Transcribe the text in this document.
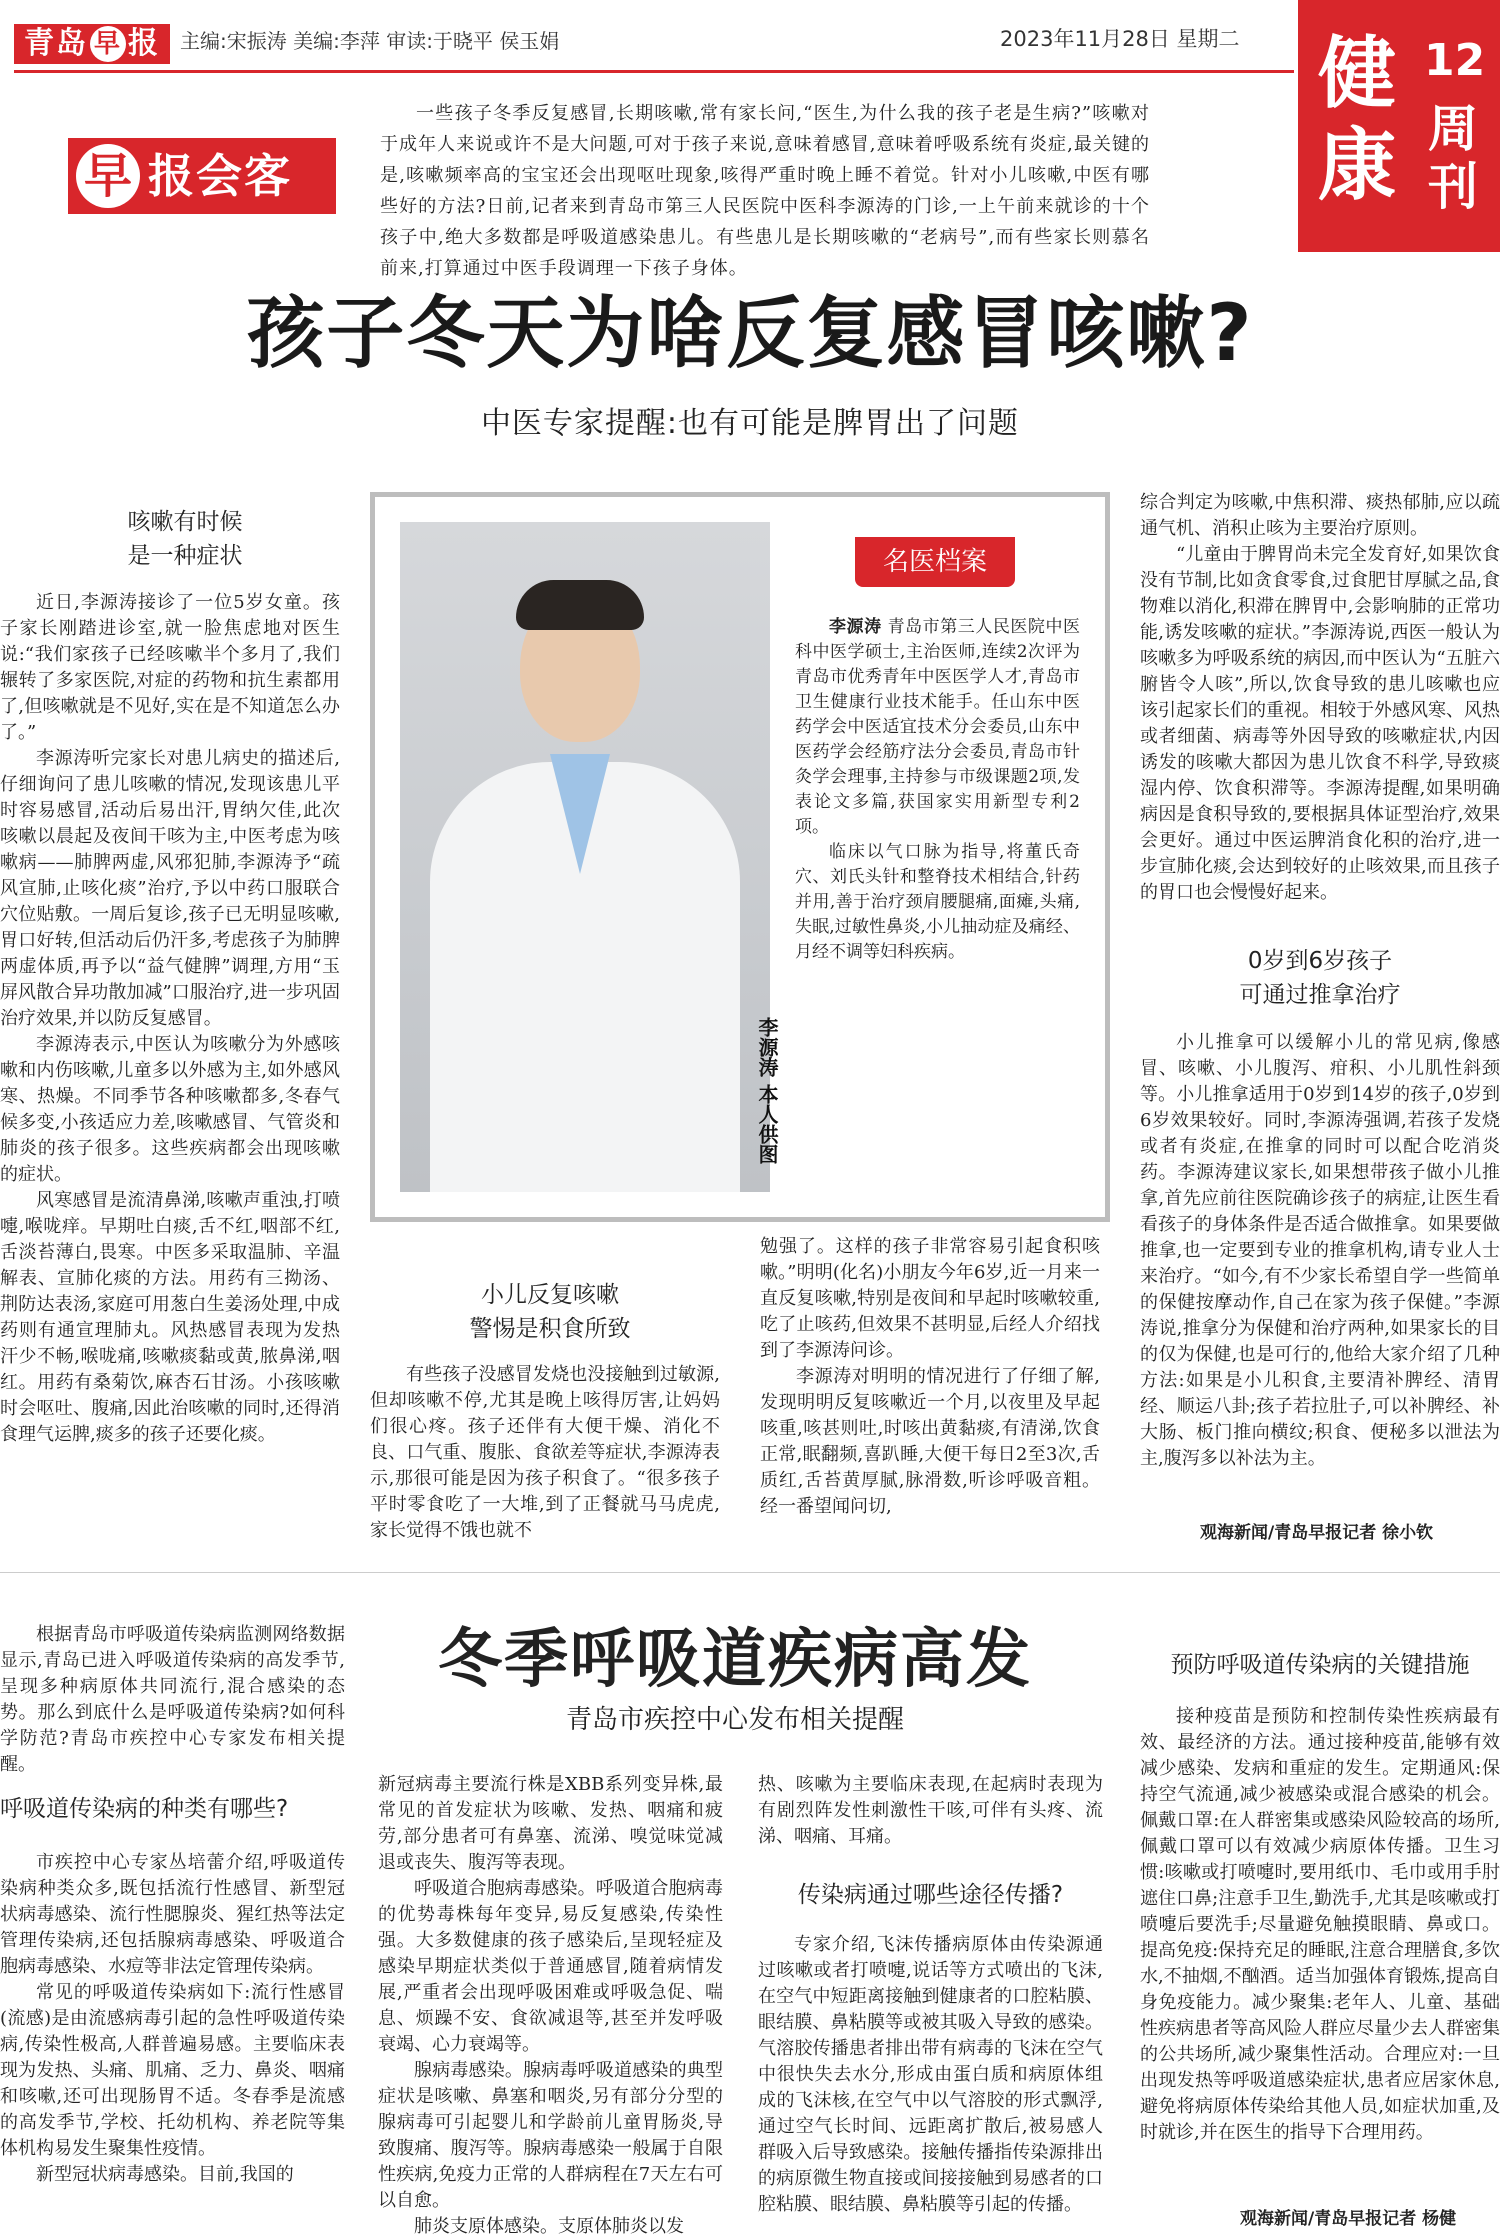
青岛 早 报	主编:宋振涛 美编:李萍 审读:于晓平 侯玉娟	2023年11月28日 星期二 健康
12
周刊
早 报会客厅

一些孩子冬季反复感冒,长期咳嗽,常有家长问,“医生,为什么我的孩子老是生病?”咳嗽对于成年人来说或许不是大问题,可对于孩子来说,意味着感冒,意味着呼吸系统有炎症,最关键的是,咳嗽频率高的宝宝还会出现呕吐现象,咳得严重时晚上睡不着觉。针对小儿咳嗽,中医有哪些好的方法?日前,记者来到青岛市第三人民医院中医科李源涛的门诊,一上午前来就诊的十个孩子中,绝大多数都是呼吸道感染患儿。有些患儿是长期咳嗽的“老病号”,而有些家长则慕名前来,打算通过中医手段调理一下孩子身体。

孩子冬天为啥反复感冒咳嗽?
中医专家提醒:也有可能是脾胃出了问题
咳嗽有时候
是一种症状

近日,李源涛接诊了一位5岁女童。孩子家长刚踏进诊室,就一脸焦虑地对医生说:“我们家孩子已经咳嗽半个多月了,我们辗转了多家医院,对症的药物和抗生素都用了,但咳嗽就是不见好,实在是不知道怎么办了。”

李源涛听完家长对患儿病史的描述后,仔细询问了患儿咳嗽的情况,发现该患儿平时容易感冒,活动后易出汗,胃纳欠佳,此次咳嗽以晨起及夜间干咳为主,中医考虑为咳嗽病——肺脾两虚,风邪犯肺,李源涛予“疏风宣肺,止咳化痰”治疗,予以中药口服联合穴位贴敷。一周后复诊,孩子已无明显咳嗽,胃口好转,但活动后仍汗多,考虑孩子为肺脾两虚体质,再予以“益气健脾”调理,方用“玉屏风散合异功散加减”口服治疗,进一步巩固治疗效果,并以防反复感冒。

李源涛表示,中医认为咳嗽分为外感咳嗽和内伤咳嗽,儿童多以外感为主,如外感风寒、热燥。不同季节各种咳嗽都多,冬春气候多变,小孩适应力差,咳嗽感冒、气管炎和肺炎的孩子很多。这些疾病都会出现咳嗽的症状。

风寒感冒是流清鼻涕,咳嗽声重浊,打喷嚏,喉咙痒。早期吐白痰,舌不红,咽部不红,舌淡苔薄白,畏寒。中医多采取温肺、辛温解表、宣肺化痰的方法。用药有三拗汤、荆防达表汤,家庭可用葱白生姜汤处理,中成药则有通宣理肺丸。风热感冒表现为发热汗少不畅,喉咙痛,咳嗽痰黏或黄,脓鼻涕,咽红。用药有桑菊饮,麻杏石甘汤。小孩咳嗽时会呕吐、腹痛,因此治咳嗽的同时,还得消食理气运脾,痰多的孩子还要化痰。

李源涛 本人供图
名医档案

李源涛 青岛市第三人民医院中医科中医学硕士,主治医师,连续2次评为青岛市优秀青年中医医学人才,青岛市卫生健康行业技术能手。任山东中医药学会中医适宜技术分会委员,山东中医药学会经筋疗法分会委员,青岛市针灸学会理事,主持参与市级课题2项,发表论文多篇,获国家实用新型专利2项。

临床以气口脉为指导,将董氏奇穴、刘氏头针和整脊技术相结合,针药并用,善于治疗颈肩腰腿痛,面瘫,头痛,失眠,过敏性鼻炎,小儿抽动症及痛经、月经不调等妇科疾病。

小儿反复咳嗽
警惕是积食所致

有些孩子没感冒发烧也没接触到过敏源,但却咳嗽不停,尤其是晚上咳得厉害,让妈妈们很心疼。孩子还伴有大便干燥、消化不良、口气重、腹胀、食欲差等症状,李源涛表示,那很可能是因为孩子积食了。“很多孩子平时零食吃了一大堆,到了正餐就马马虎虎,家长觉得不饿也就不

勉强了。这样的孩子非常容易引起食积咳嗽。”明明(化名)小朋友今年6岁,近一月来一直反复咳嗽,特别是夜间和早起时咳嗽较重,吃了止咳药,但效果不甚明显,后经人介绍找到了李源涛问诊。

李源涛对明明的情况进行了仔细了解,发现明明反复咳嗽近一个月,以夜里及早起咳重,咳甚则吐,时咳出黄黏痰,有清涕,饮食正常,眠翻频,喜趴睡,大便干每日2至3次,舌质红,舌苔黄厚腻,脉滑数,听诊呼吸音粗。经一番望闻问切,

综合判定为咳嗽,中焦积滞、痰热郁肺,应以疏通气机、消积止咳为主要治疗原则。

“儿童由于脾胃尚未完全发育好,如果饮食没有节制,比如贪食零食,过食肥甘厚腻之品,食物难以消化,积滞在脾胃中,会影响肺的正常功能,诱发咳嗽的症状。”李源涛说,西医一般认为咳嗽多为呼吸系统的病因,而中医认为“五脏六腑皆令人咳”,所以,饮食导致的患儿咳嗽也应该引起家长们的重视。相较于外感风寒、风热或者细菌、病毒等外因导致的咳嗽症状,内因诱发的咳嗽大都因为患儿饮食不科学,导致痰湿内停、饮食积滞等。李源涛提醒,如果明确病因是食积导致的,要根据具体证型治疗,效果会更好。通过中医运脾消食化积的治疗,进一步宣肺化痰,会达到较好的止咳效果,而且孩子的胃口也会慢慢好起来。

0岁到6岁孩子
可通过推拿治疗

小儿推拿可以缓解小儿的常见病,像感冒、咳嗽、小儿腹泻、疳积、小儿肌性斜颈等。小儿推拿适用于0岁到14岁的孩子,0岁到6岁效果较好。同时,李源涛强调,若孩子发烧或者有炎症,在推拿的同时可以配合吃消炎药。李源涛建议家长,如果想带孩子做小儿推拿,首先应前往医院确诊孩子的病症,让医生看看孩子的身体条件是否适合做推拿。如果要做推拿,也一定要到专业的推拿机构,请专业人士来治疗。“如今,有不少家长希望自学一些简单的保健按摩动作,自己在家为孩子保健。”李源涛说,推拿分为保健和治疗两种,如果家长的目的仅为保健,也是可行的,他给大家介绍了几种方法:如果是小儿积食,主要清补脾经、清胃经、顺运八卦;孩子若拉肚子,可以补脾经、补大肠、板门推向横纹;积食、便秘多以泄法为主,腹泻多以补法为主。

观海新闻/青岛早报记者 徐小钦

根据青岛市呼吸道传染病监测网络数据显示,青岛已进入呼吸道传染病的高发季节,呈现多种病原体共同流行,混合感染的态势。那么到底什么是呼吸道传染病?如何科学防范?青岛市疾控中心专家发布相关提醒。

呼吸道传染病的种类有哪些?

市疾控中心专家丛培蕾介绍,呼吸道传染病种类众多,既包括流行性感冒、新型冠状病毒感染、流行性腮腺炎、猩红热等法定管理传染病,还包括腺病毒感染、呼吸道合胞病毒感染、水痘等非法定管理传染病。

常见的呼吸道传染病如下:流行性感冒(流感)是由流感病毒引起的急性呼吸道传染病,传染性极高,人群普遍易感。主要临床表现为发热、头痛、肌痛、乏力、鼻炎、咽痛和咳嗽,还可出现肠胃不适。冬春季是流感的高发季节,学校、托幼机构、养老院等集体机构易发生聚集性疫情。

新型冠状病毒感染。目前,我国的

冬季呼吸道疾病高发
青岛市疾控中心发布相关提醒

新冠病毒主要流行株是XBB系列变异株,最常见的首发症状为咳嗽、发热、咽痛和疲劳,部分患者可有鼻塞、流涕、嗅觉味觉减退或丧失、腹泻等表现。

呼吸道合胞病毒感染。呼吸道合胞病毒的优势毒株每年变异,易反复感染,传染性强。大多数健康的孩子感染后,呈现轻症及感染早期症状类似于普通感冒,随着病情发展,严重者会出现呼吸困难或呼吸急促、喘息、烦躁不安、食欲减退等,甚至并发呼吸衰竭、心力衰竭等。

腺病毒感染。腺病毒呼吸道感染的典型症状是咳嗽、鼻塞和咽炎,另有部分分型的腺病毒可引起婴儿和学龄前儿童胃肠炎,导致腹痛、腹泻等。腺病毒感染一般属于自限性疾病,免疫力正常的人群病程在7天左右可以自愈。

肺炎支原体感染。支原体肺炎以发

热、咳嗽为主要临床表现,在起病时表现为有剧烈阵发性刺激性干咳,可伴有头疼、流涕、咽痛、耳痛。

传染病通过哪些途径传播?

专家介绍,飞沫传播病原体由传染源通过咳嗽或者打喷嚏,说话等方式喷出的飞沫,在空气中短距离接触到健康者的口腔粘膜、眼结膜、鼻粘膜等或被其吸入导致的感染。气溶胶传播患者排出带有病毒的飞沫在空气中很快失去水分,形成由蛋白质和病原体组成的飞沫核,在空气中以气溶胶的形式飘浮,通过空气长时间、远距离扩散后,被易感人群吸入后导致感染。接触传播指传染源排出的病原微生物直接或间接接触到易感者的口腔粘膜、眼结膜、鼻粘膜等引起的传播。

预防呼吸道传染病的关键措施

接种疫苗是预防和控制传染性疾病最有效、最经济的方法。通过接种疫苗,能够有效减少感染、发病和重症的发生。定期通风:保持空气流通,减少被感染或混合感染的机会。佩戴口罩:在人群密集或感染风险较高的场所,佩戴口罩可以有效减少病原体传播。卫生习惯:咳嗽或打喷嚏时,要用纸巾、毛巾或用手肘遮住口鼻;注意手卫生,勤洗手,尤其是咳嗽或打喷嚏后要洗手;尽量避免触摸眼睛、鼻或口。提高免疫:保持充足的睡眠,注意合理膳食,多饮水,不抽烟,不酗酒。适当加强体育锻炼,提高自身免疫能力。减少聚集:老年人、儿童、基础性疾病患者等高风险人群应尽量少去人群密集的公共场所,减少聚集性活动。合理应对:一旦出现发热等呼吸道感染症状,患者应居家休息,避免将病原体传染给其他人员,如症状加重,及时就诊,并在医生的指导下合理用药。

观海新闻/青岛早报记者 杨健
